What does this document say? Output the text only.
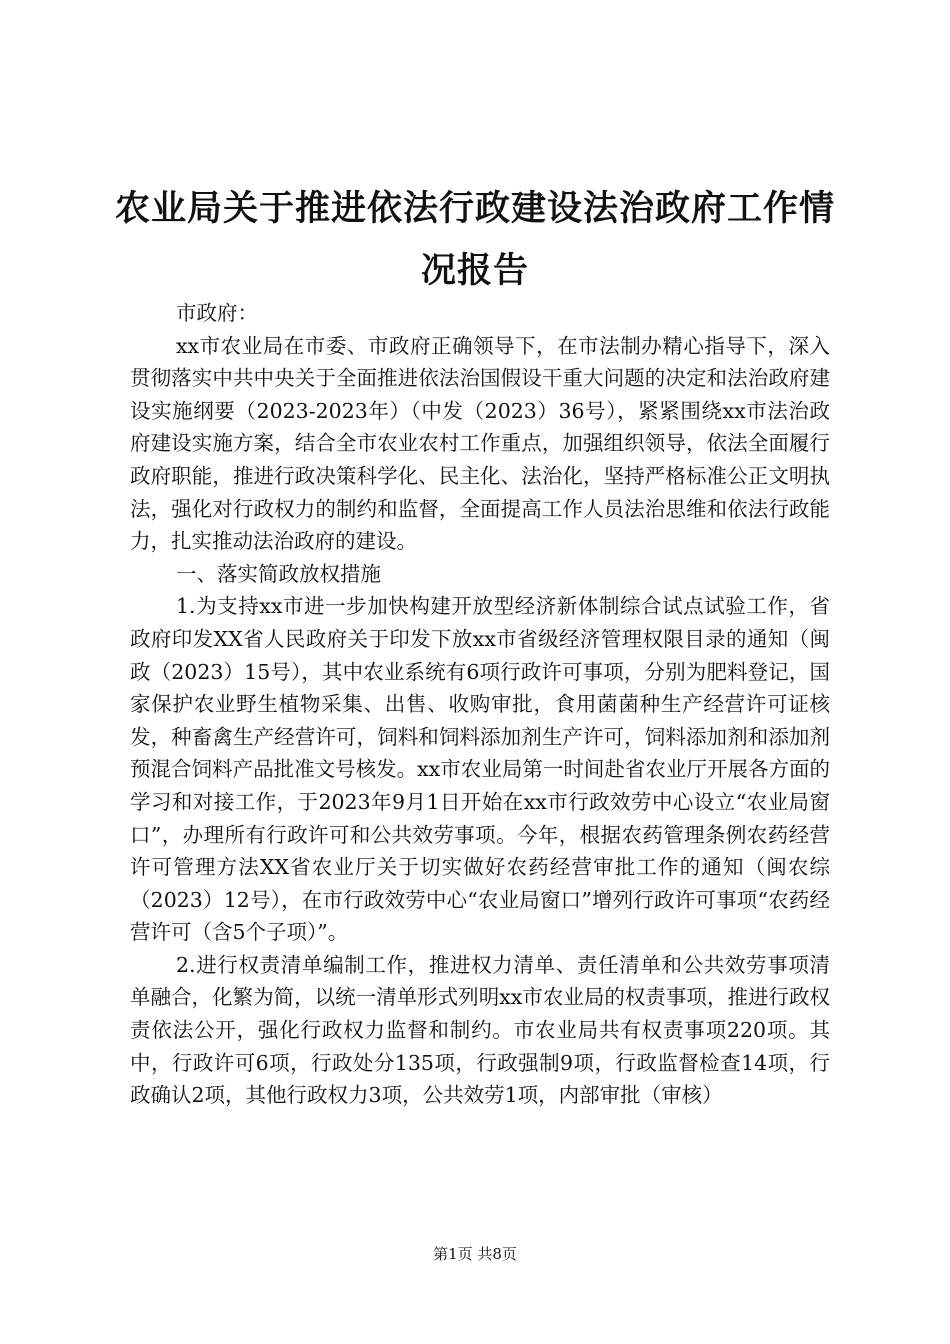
农业局关于推进依法行政建设法治政府工作情况报告

市政府：

xx市农业局在市委、市政府正确领导下，在市法制办精心指导下，深入贯彻落实中共中央关于全面推进依法治国假设干重大问题的决定和法治政府建设实施纲要（2023-2023年）（中发（2023）36号），紧紧围绕xx市法治政府建设实施方案，结合全市农业农村工作重点，加强组织领导，依法全面履行政府职能，推进行政决策科学化、民主化、法治化，坚持严格标准公正文明执法，强化对行政权力的制约和监督，全面提高工作人员法治思维和依法行政能力，扎实推动法治政府的建设。

一、落实简政放权措施

1.为支持xx市进一步加快构建开放型经济新体制综合试点试验工作，省政府印发XX省人民政府关于印发下放xx市省级经济管理权限目录的通知（闽政（2023）15号），其中农业系统有6项行政许可事项，分别为肥料登记，国家保护农业野生植物采集、出售、收购审批，食用菌菌种生产经营许可证核发，种畜禽生产经营许可，饲料和饲料添加剂生产许可，饲料添加剂和添加剂预混合饲料产品批准文号核发。xx市农业局第一时间赴省农业厅开展各方面的学习和对接工作，于2023年9月1日开始在xx市行政效劳中心设立“农业局窗口”，办理所有行政许可和公共效劳事项。今年，根据农药管理条例农药经营许可管理方法XX省农业厅关于切实做好农药经营审批工作的通知（闽农综（2023）12号），在市行政效劳中心“农业局窗口”增列行政许可事项“农药经营许可（含5个子项）”。

2.进行权责清单编制工作，推进权力清单、责任清单和公共效劳事项清单融合，化繁为简，以统一清单形式列明xx市农业局的权责事项，推进行政权责依法公开，强化行政权力监督和制约。市农业局共有权责事项220项。其中，行政许可6项，行政处分135项，行政强制9项，行政监督检查14项，行政确认2项，其他行政权力3项，公共效劳1项，内部审批（审核）

第1页 共8页
